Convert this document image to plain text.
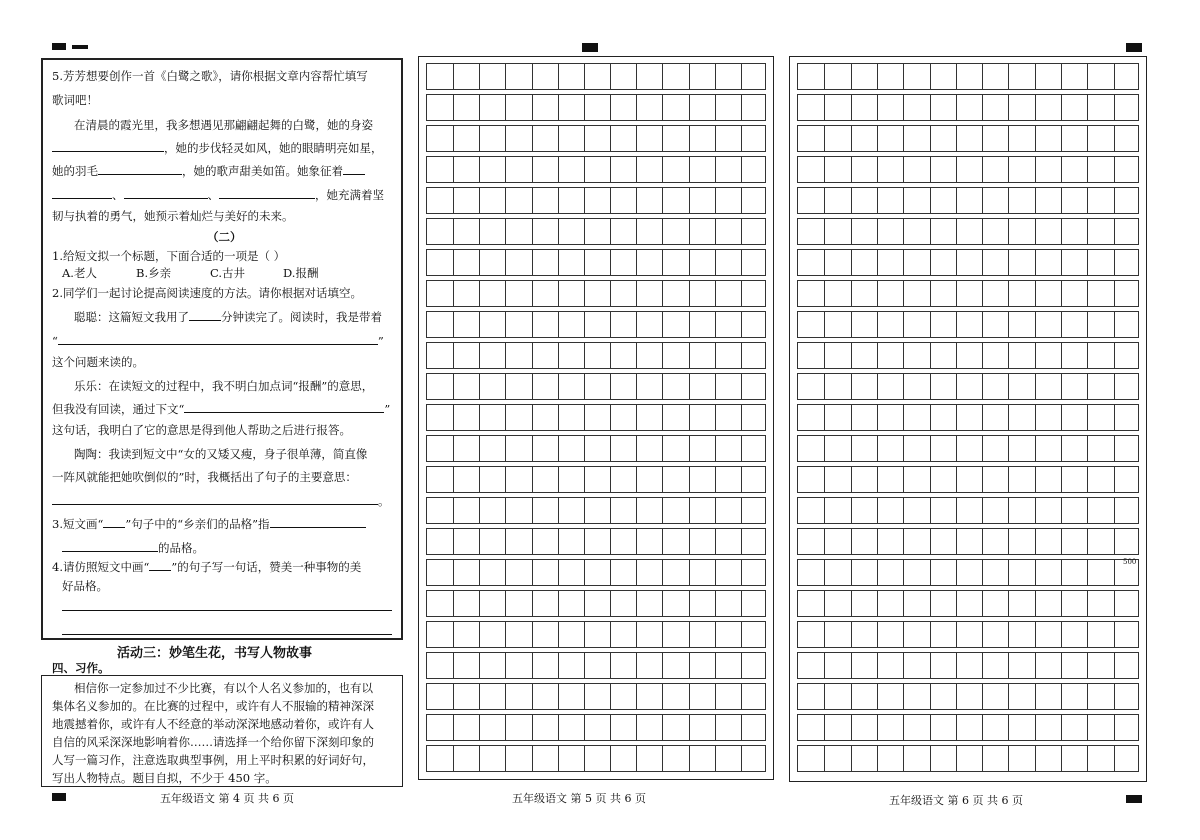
5.芳芳想要创作一首《白鹭之歌》，请你根据文章内容帮忙填写
歌词吧！
在清晨的霞光里，我多想遇见那翩翩起舞的白鹭，她的身姿
，她的步伐轻灵如风，她的眼睛明亮如星，
她的羽毛	，她的歌声甜美如笛。她象征着
、	、	，她充满着坚
韧与执着的勇气，她预示着灿烂与美好的未来。
（二）
1.给短文拟一个标题，下面合适的一项是（ ）
A.老人	B.乡亲	C.古井	D.报酬
2.同学们一起讨论提高阅读速度的方法。请你根据对话填空。
聪聪：这篇短文我用了	分钟读完了。阅读时，我是带着
“	”
这个问题来读的。
乐乐：在读短文的过程中，我不明白加点词“报酬”的意思，
但我没有回读，通过下文“	”
这句话，我明白了它的意思是得到他人帮助之后进行报答。
陶陶：我读到短文中“女的又矮又瘦，身子很单薄，简直像
一阵风就能把她吹倒似的”时，我概括出了句子的主要意思：
。
3.短文画“ ”句子中的“乡亲们的品格”指
的品格。
4.请仿照短文中画“ ”的句子写一句话，赞美一种事物的美
好品格。
活动三：妙笔生花，书写人物故事
四、习作。
相信你一定参加过不少比赛，有以个人名义参加的，也有以
集体名义参加的。在比赛的过程中，或许有人不服输的精神深深
地震撼着你，或许有人不经意的举动深深地感动着你，或许有人
自信的风采深深地影响着你……请选择一个给你留下深刻印象的
人写一篇习作，注意选取典型事例，用上平时积累的好词好句，
写出人物特点。题目自拟，不少于 450 字。
五年级语文 第 4 页 共 6 页	五年级语文 第 5 页 共 6 页
500
五年级语文 第 6 页 共 6 页
